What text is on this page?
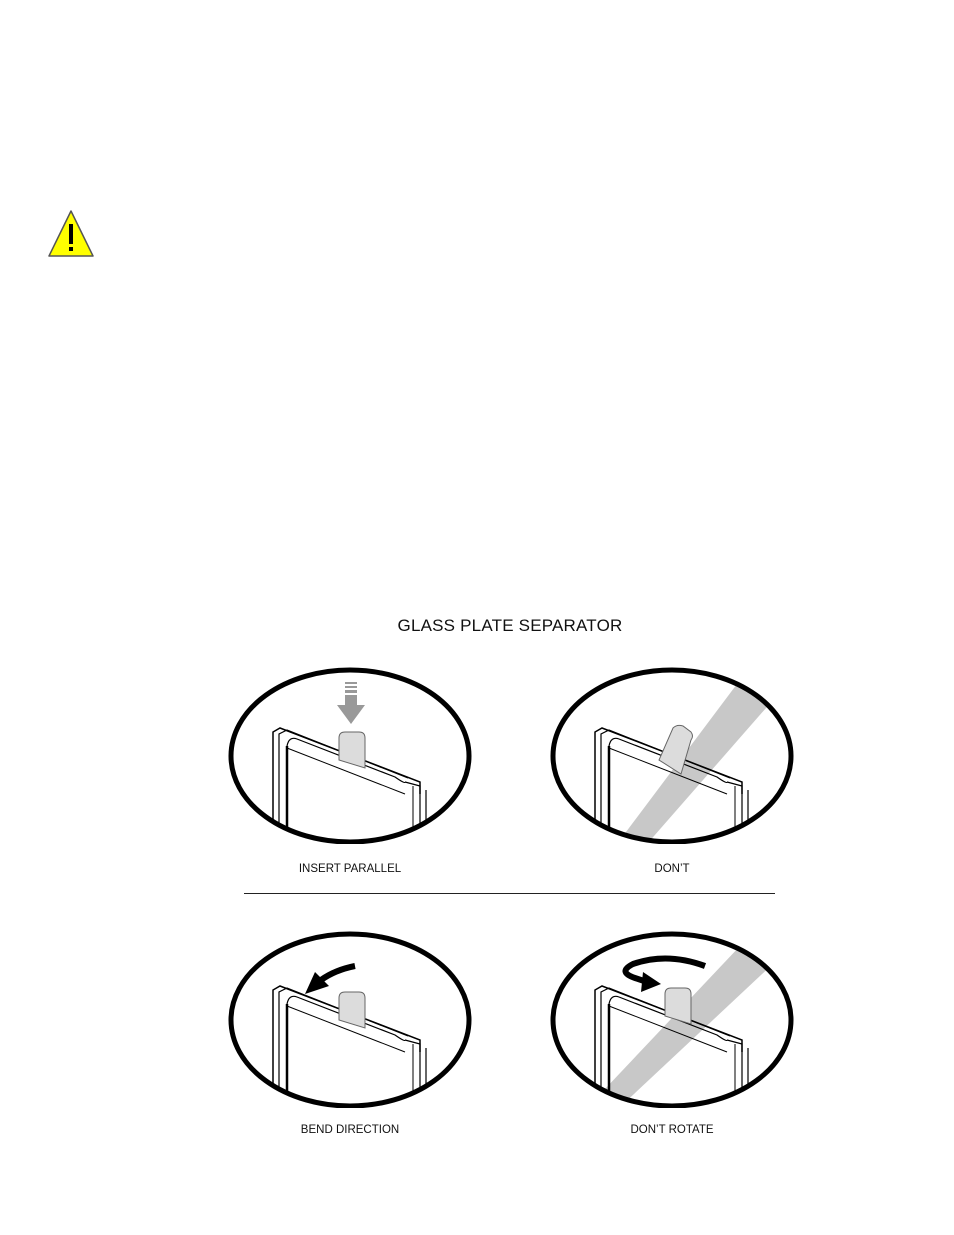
GLASS PLATE SEPARATOR
INSERT PARALLEL	DON’T
BEND DIRECTION	DON’T ROTATE
